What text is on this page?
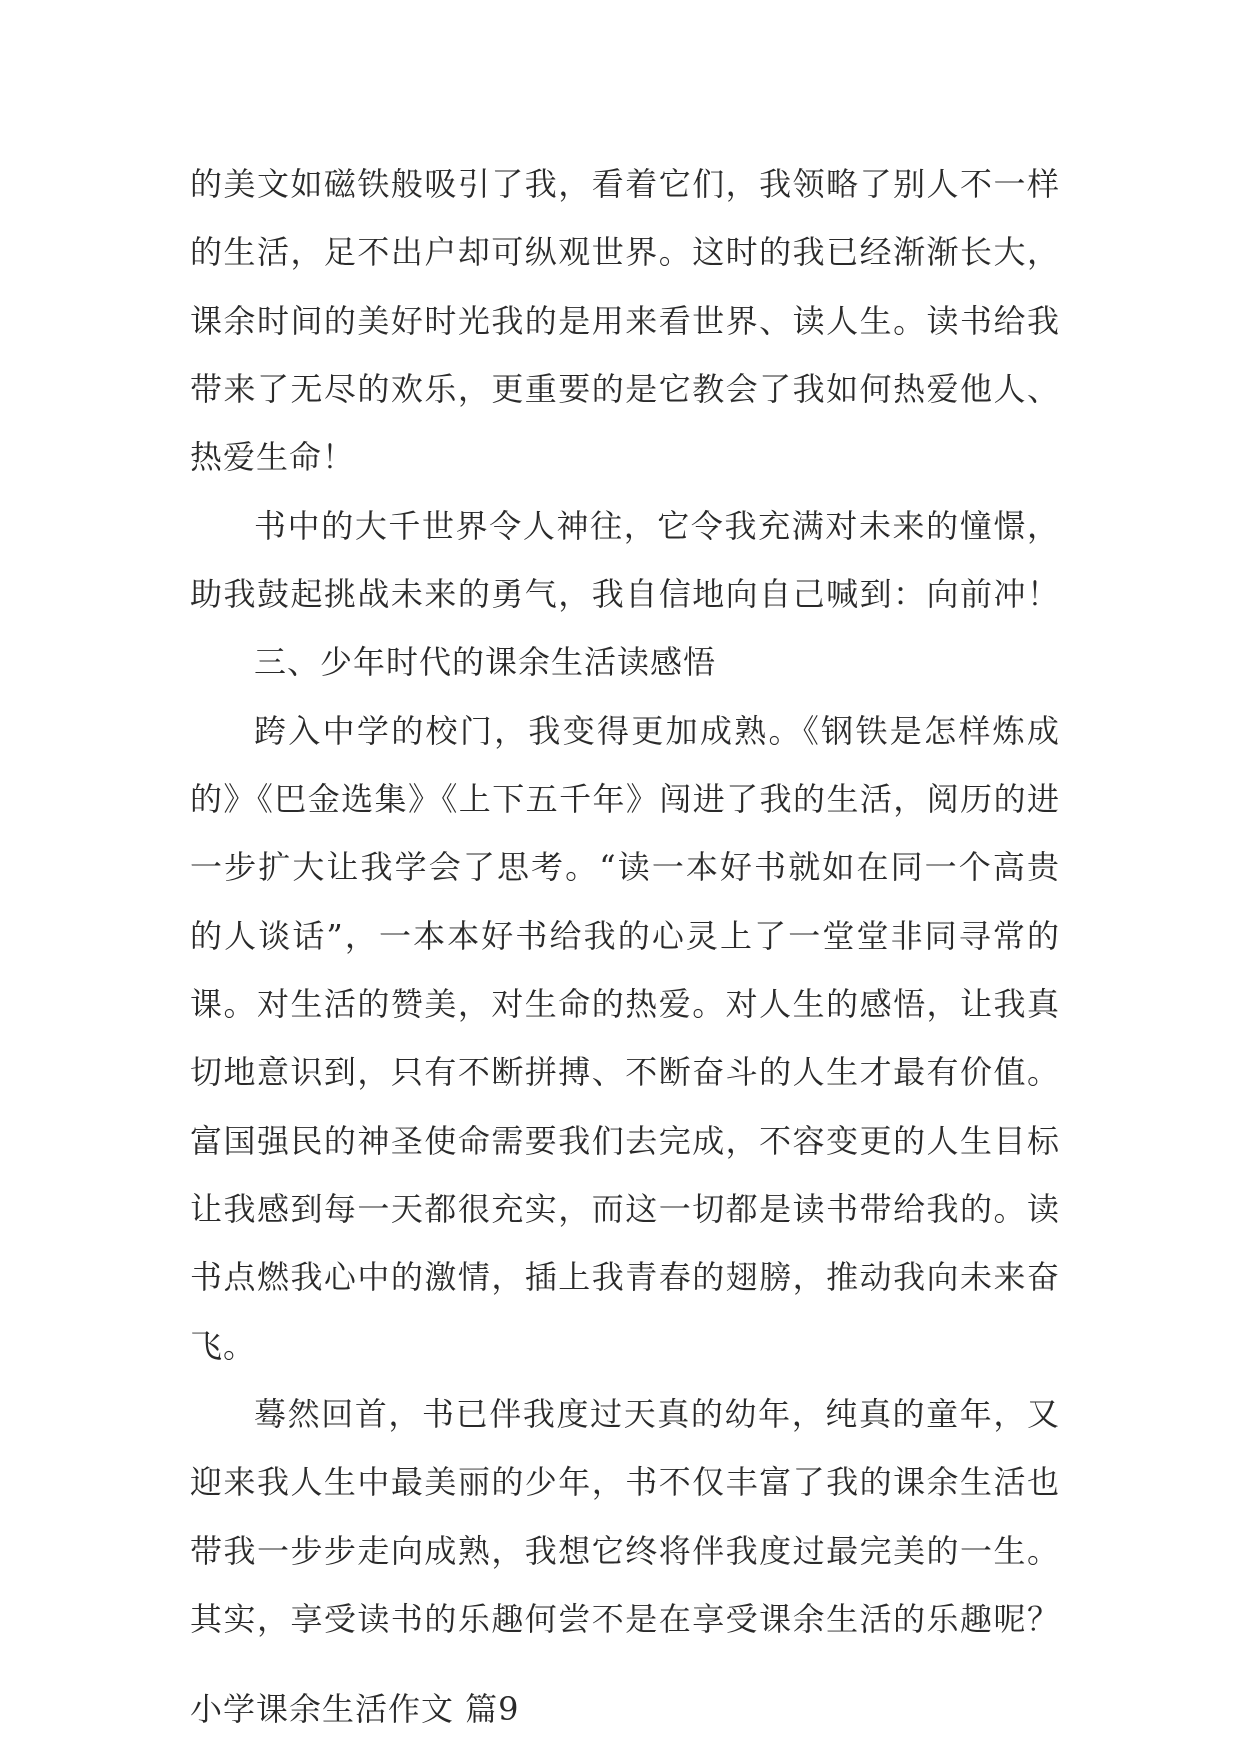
的美文如磁铁般吸引了我，看着它们，我领略了别人不一样
的生活，足不出户却可纵观世界。这时的我已经渐渐长大，
课余时间的美好时光我的是用来看世界、读人生。读书给我
带来了无尽的欢乐，更重要的是它教会了我如何热爱他人、
热爱生命！
书中的大千世界令人神往，它令我充满对未来的憧憬，
助我鼓起挑战未来的勇气，我自信地向自己喊到：向前冲！
三、少年时代的课余生活读感悟
跨入中学的校门，我变得更加成熟。《钢铁是怎样炼成
的》《巴金选集》《上下五千年》闯进了我的生活，阅历的进
一步扩大让我学会了思考。“读一本好书就如在同一个高贵
的人谈话”，一本本好书给我的心灵上了一堂堂非同寻常的
课。对生活的赞美，对生命的热爱。对人生的感悟，让我真
切地意识到，只有不断拼搏、不断奋斗的人生才最有价值。
富国强民的神圣使命需要我们去完成，不容变更的人生目标
让我感到每一天都很充实，而这一切都是读书带给我的。读
书点燃我心中的激情，插上我青春的翅膀，推动我向未来奋
飞。
蓦然回首，书已伴我度过天真的幼年，纯真的童年，又
迎来我人生中最美丽的少年，书不仅丰富了我的课余生活也
带我一步步走向成熟，我想它终将伴我度过最完美的一生。
其实，享受读书的乐趣何尝不是在享受课余生活的乐趣呢？
小学课余生活作文 篇9
